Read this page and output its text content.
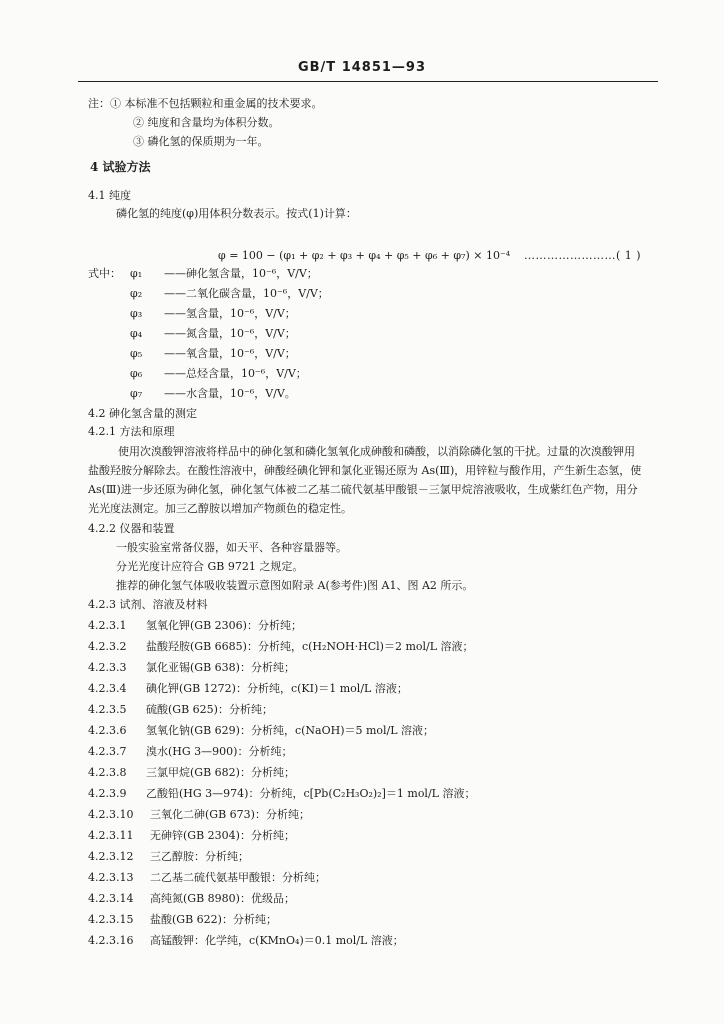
GB/T 14851—93
注：① 本标准不包括颗粒和重金属的技术要求。
② 纯度和含量均为体积分数。
③ 磷化氢的保质期为一年。
4 试验方法
4.1 纯度
磷化氢的纯度(φ)用体积分数表示。按式(1)计算：
φ = 100 − (φ₁ + φ₂ + φ₃ + φ₄ + φ₅ + φ₆ + φ₇) × 10⁻⁴ ……………………( 1 )
式中： φ₁ ——砷化氢含量，10⁻⁶，V/V；
φ₂ ——二氧化碳含量，10⁻⁶，V/V；
φ₃ ——氢含量，10⁻⁶，V/V；
φ₄ ——氮含量，10⁻⁶，V/V；
φ₅ ——氧含量，10⁻⁶，V/V；
φ₆ ——总烃含量，10⁻⁶，V/V；
φ₇ ——水含量，10⁻⁶，V/V。
4.2 砷化氢含量的测定
4.2.1 方法和原理
使用次溴酸钾溶液将样品中的砷化氢和磷化氢氧化成砷酸和磷酸，以消除磷化氢的干扰。过量的次溴酸钾用盐酸羟胺分解除去。在酸性溶液中，砷酸经碘化钾和氯化亚锡还原为 As(Ⅲ)，用锌粒与酸作用，产生新生态氢，使 As(Ⅲ)进一步还原为砷化氢，砷化氢气体被二乙基二硫代氨基甲酸银－三氯甲烷溶液吸收，生成紫红色产物，用分光光度法测定。加三乙醇胺以增加产物颜色的稳定性。
4.2.2 仪器和装置
一般实验室常备仪器，如天平、各种容量器等。
分光光度计应符合 GB 9721 之规定。
推荐的砷化氢气体吸收装置示意图如附录 A(参考件)图 A1、图 A2 所示。
4.2.3 试剂、溶液及材料
4.2.3.1 氢氧化钾(GB 2306)：分析纯；
4.2.3.2 盐酸羟胺(GB 6685)：分析纯，c(H₂NOH·HCl)＝2 mol/L 溶液；
4.2.3.3 氯化亚锡(GB 638)：分析纯；
4.2.3.4 碘化钾(GB 1272)：分析纯，c(KI)＝1 mol/L 溶液；
4.2.3.5 硫酸(GB 625)：分析纯；
4.2.3.6 氢氧化钠(GB 629)：分析纯，c(NaOH)＝5 mol/L 溶液；
4.2.3.7 溴水(HG 3—900)：分析纯；
4.2.3.8 三氯甲烷(GB 682)：分析纯；
4.2.3.9 乙酸铅(HG 3—974)：分析纯，c[Pb(C₂H₃O₂)₂]＝1 mol/L 溶液；
4.2.3.10 三氧化二砷(GB 673)：分析纯；
4.2.3.11 无砷锌(GB 2304)：分析纯；
4.2.3.12 三乙醇胺：分析纯；
4.2.3.13 二乙基二硫代氨基甲酸银：分析纯；
4.2.3.14 高纯氮(GB 8980)：优级品；
4.2.3.15 盐酸(GB 622)：分析纯；
4.2.3.16 高锰酸钾：化学纯，c(KMnO₄)＝0.1 mol/L 溶液；
